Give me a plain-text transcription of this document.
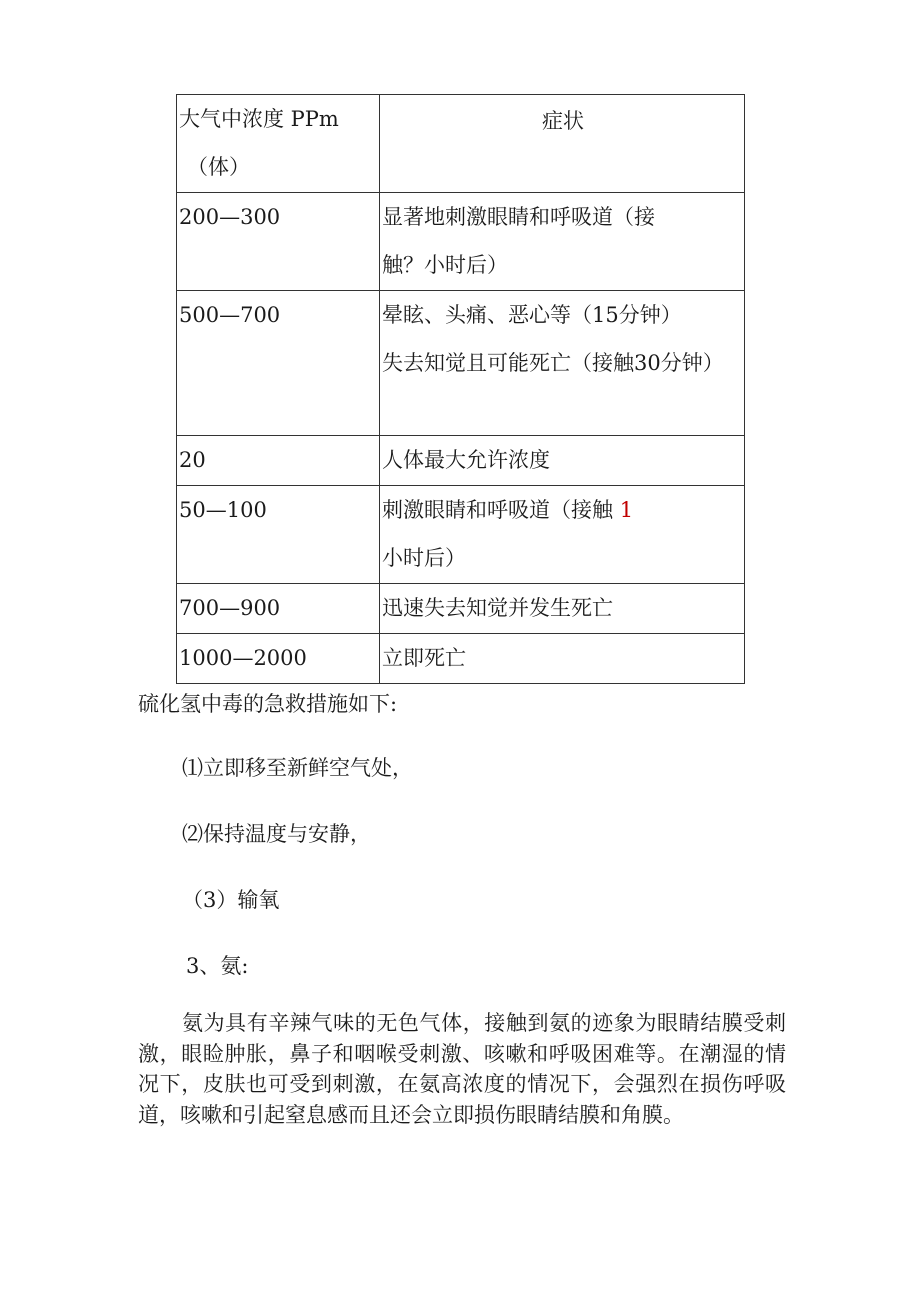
大气中浓度 PPm
（体）	症状
200—300	显著地刺激眼睛和呼吸道（接触？小时后）
500—700	晕眩、头痛、恶心等（15分钟）
失去知觉且可能死亡（接触30分钟）

20	人体最大允许浓度
50—100	刺激眼睛和呼吸道（接触 1 小时后）
700—900	迅速失去知觉并发生死亡
1000—2000	立即死亡
硫化氢中毒的急救措施如下:
⑴立即移至新鲜空气处，
⑵保持温度与安静，
（3）输氧
3、氨:
氨为具有辛辣气味的无色气体，接触到氨的迹象为眼睛结膜受刺激，眼睑肿胀，鼻子和咽喉受刺激、咳嗽和呼吸困难等。在潮湿的情况下，皮肤也可受到刺激，在氨高浓度的情况下，会强烈在损伤呼吸道，咳嗽和引起窒息感而且还会立即损伤眼睛结膜和角膜。
